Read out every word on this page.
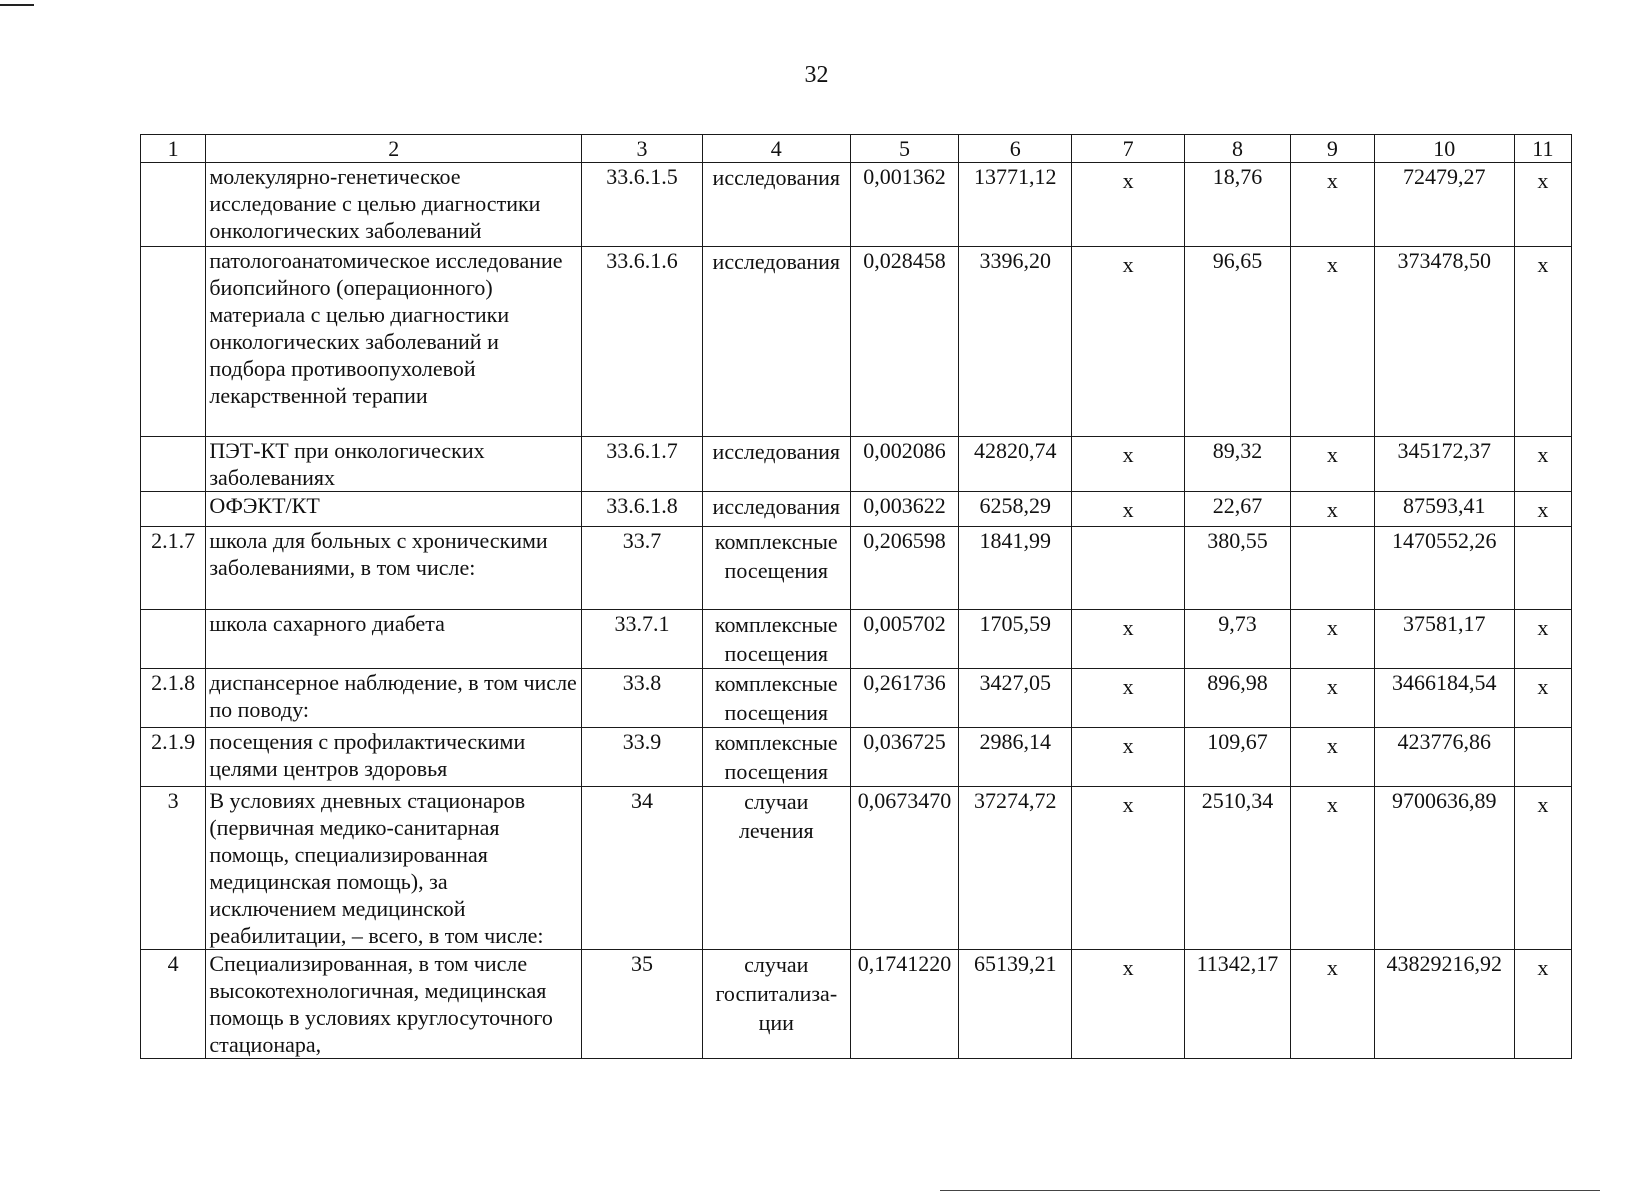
32
1	2	3	4	5	6	7	8	9	10	11
	молекулярно-генетическое исследование с целью диагностики онкологических заболеваний	33.6.1.5	исследования	0,001362	13771,12	х	18,76	х	72479,27	х
	патологоанатомическое исследование биопсийного (операционного) материала с целью диагностики онкологических заболеваний и подбора противоопухолевой лекарственной терапии	33.6.1.6	исследования	0,028458	3396,20	х	96,65	х	373478,50	х
	ПЭТ-КТ при онкологических заболеваниях	33.6.1.7	исследования	0,002086	42820,74	х	89,32	х	345172,37	х
	ОФЭКТ/КТ	33.6.1.8	исследования	0,003622	6258,29	х	22,67	х	87593,41	х
2.1.7	школа для больных с хроническими заболеваниями, в том числе:	33.7	комплексные посещения	0,206598	1841,99		380,55		1470552,26	
	школа сахарного диабета	33.7.1	комплексные посещения	0,005702	1705,59	х	9,73	х	37581,17	х
2.1.8	диспансерное наблюдение, в том числе по поводу:	33.8	комплексные посещения	0,261736	3427,05	х	896,98	х	3466184,54	х
2.1.9	посещения с профилактическими целями центров здоровья	33.9	комплексные посещения	0,036725	2986,14	х	109,67	х	423776,86	
3	В условиях дневных стационаров (первичная медико-санитарная помощь, специализированная медицинская помощь), за исключением медицинской реабилитации, – всего, в том числе:	34	случаи лечения	0,0673470	37274,72	х	2510,34	х	9700636,89	х
4	Специализированная, в том числе высокотехнологичная, медицинская помощь в условиях круглосуточного стационара,	35	случаи госпитализа-ции	0,1741220	65139,21	х	11342,17	х	43829216,92	х
